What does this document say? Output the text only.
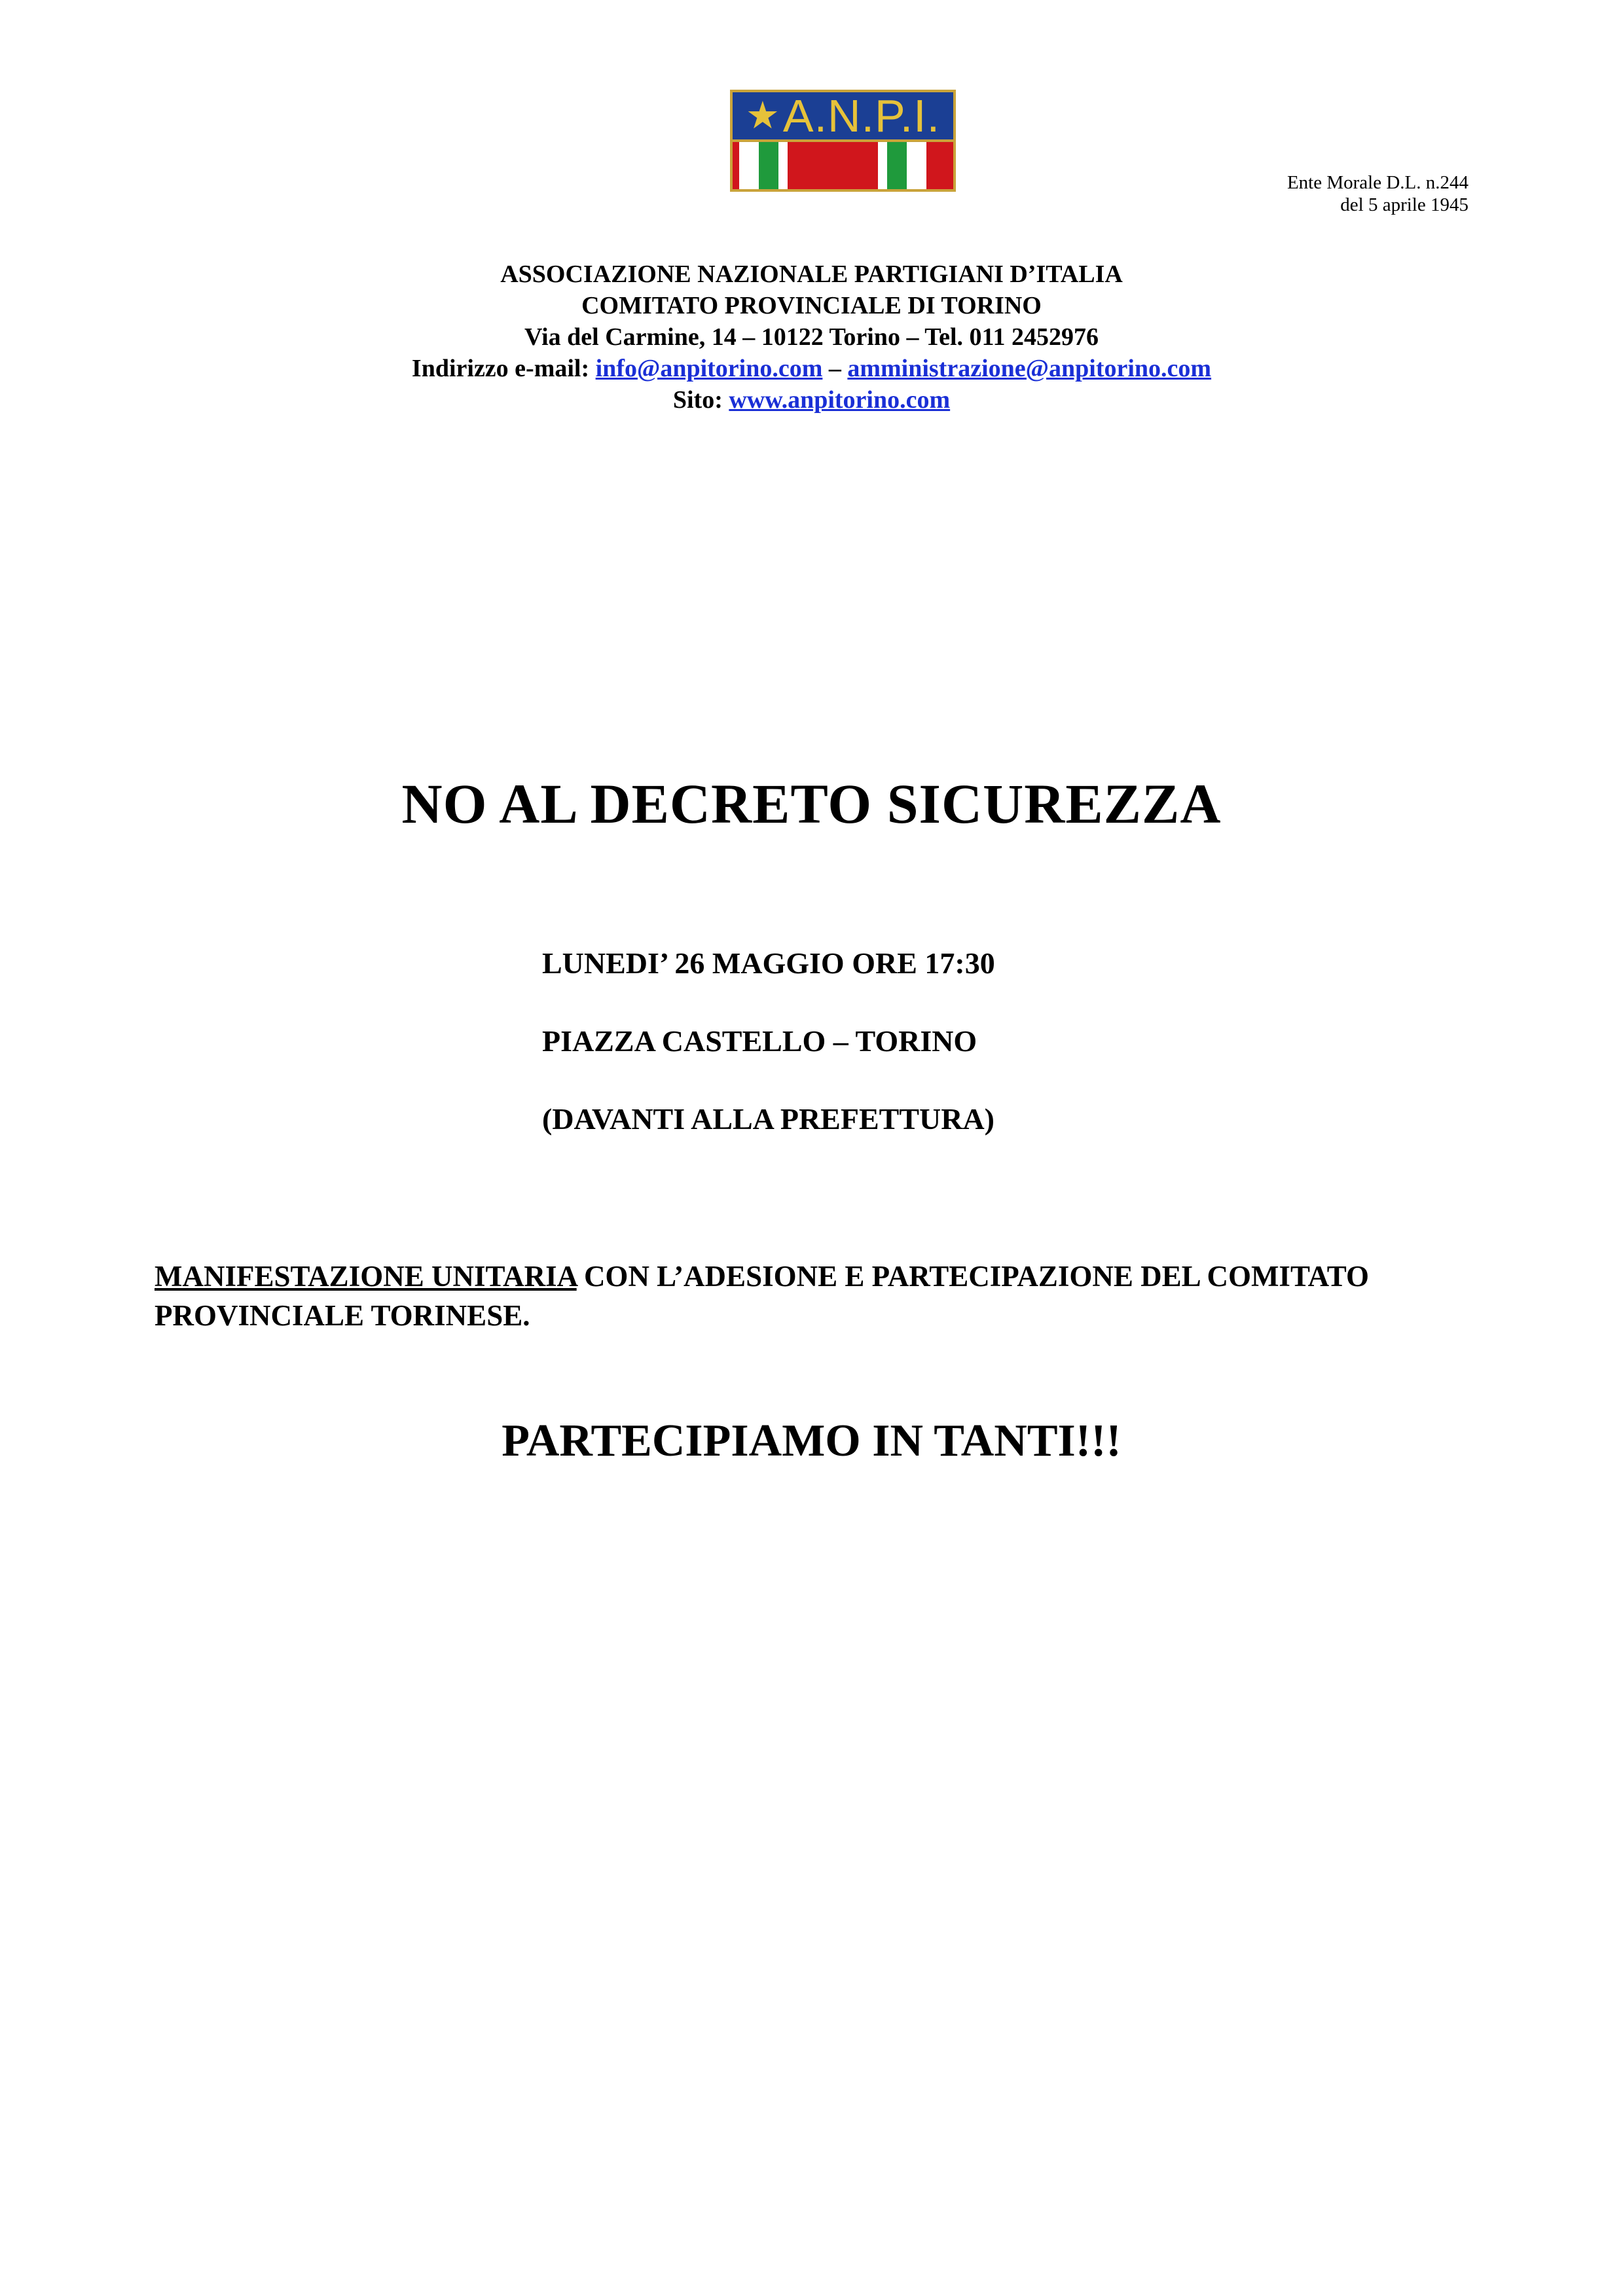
★ A.N.P.I.
Ente Morale D.L. n.244
del 5 aprile 1945
ASSOCIAZIONE NAZIONALE PARTIGIANI D’ITALIA
COMITATO PROVINCIALE DI TORINO
Via del Carmine, 14 – 10122 Torino – Tel. 011 2452976
Indirizzo e-mail: info@anpitorino.com – amministrazione@anpitorino.com
Sito: www.anpitorino.com
NO AL DECRETO SICUREZZA
LUNEDI’ 26 MAGGIO ORE 17:30
PIAZZA CASTELLO – TORINO
(DAVANTI ALLA PREFETTURA)
MANIFESTAZIONE UNITARIA CON L’ADESIONE E PARTECIPAZIONE DEL COMITATO PROVINCIALE TORINESE.
PARTECIPIAMO IN TANTI!!!
